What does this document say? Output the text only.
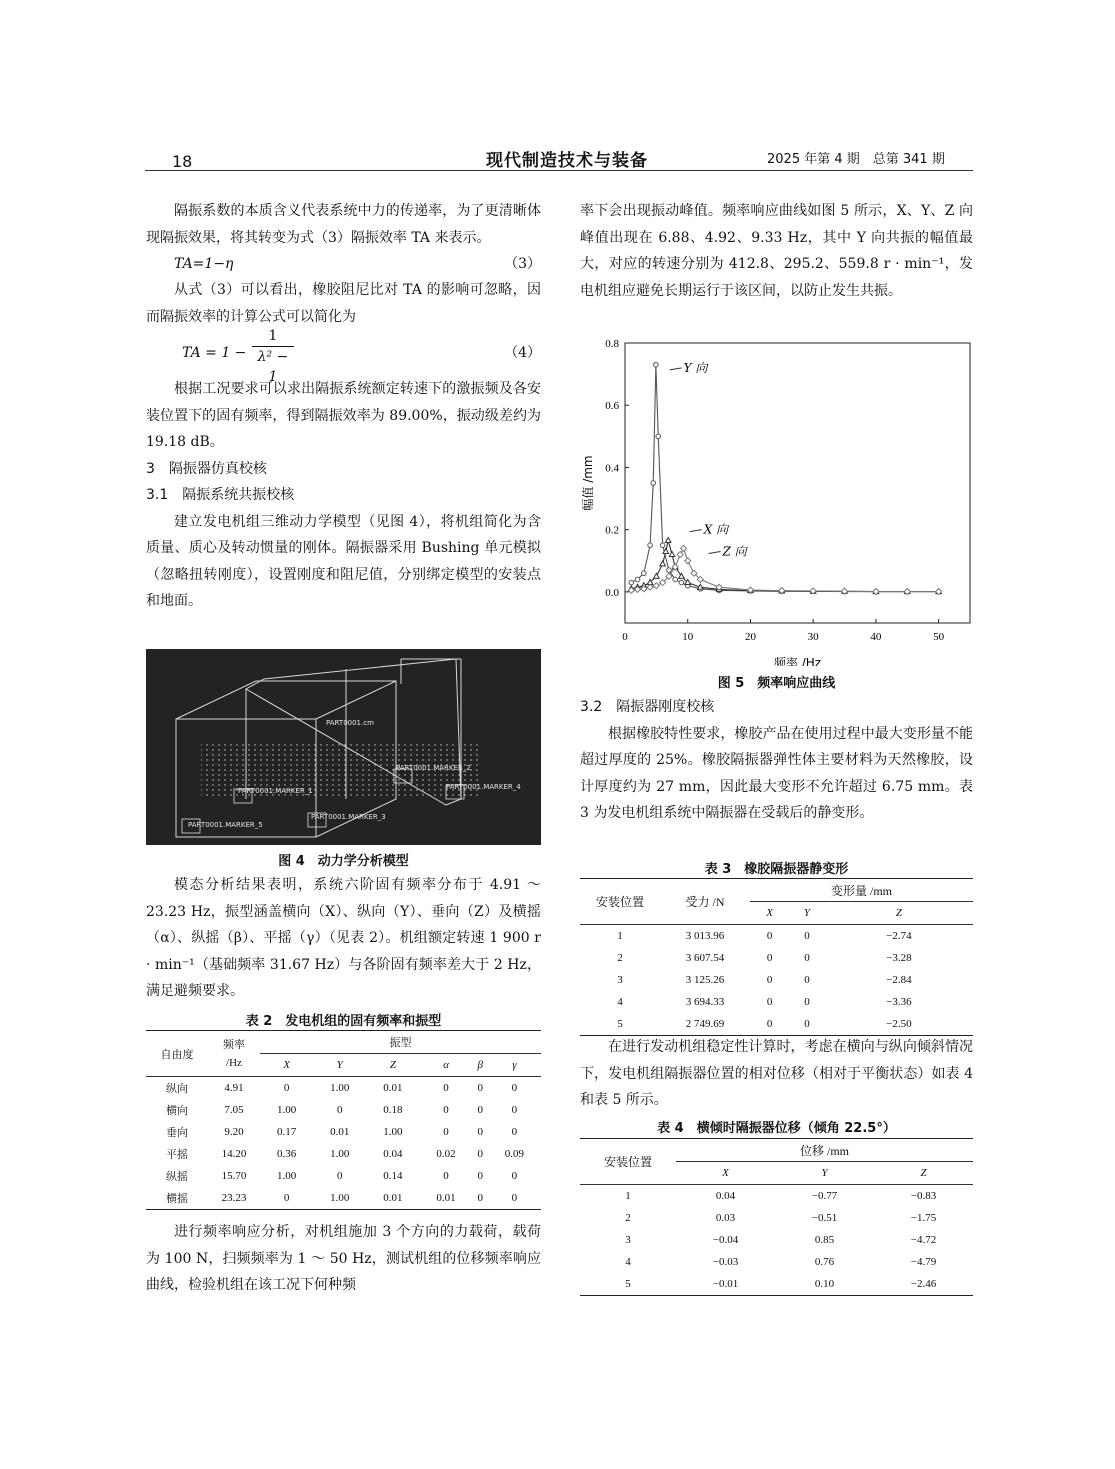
18	现代制造技术与装备	2025 年第 4 期　总第 341 期

隔振系数的本质含义代表系统中力的传递率，为了更清晰体现隔振效果，将其转变为式（3）隔振效率 TA 来表示。

TA=1−η	（3）

从式（3）可以看出，橡胶阻尼比对 TA 的影响可忽略，因而隔振效率的计算公式可以简化为

TA = $1 - \frac{1}{\text{λ² − 1}}$	（4）

根据工况要求可以求出隔振系统额定转速下的激振频及各安装位置下的固有频率，得到隔振效率为 89.00%，振动级差约为 19.18 dB。

3　隔振器仿真校核

3.1　隔振系统共振校核

建立发电机组三维动力学模型（见图 4），将机组简化为含质量、质心及转动惯量的刚体。隔振器采用 Bushing 单元模拟（忽略扭转刚度），设置刚度和阻尼值，分别绑定模型的安装点和地面。

PART0001.cm
PART0001.MARKER_2
PART0001.MARKER_1	PART0001.MARKER_4
PART0001.MARKER_5
PART0001.MARKER_3
图 4　动力学分析模型

模态分析结果表明，系统六阶固有频率分布于 4.91 ～ 23.23 Hz，振型涵盖横向（X）、纵向（Y）、垂向（Z）及横摇（α）、纵摇（β）、平摇（γ）（见表 2）。机组额定转速 1 900 r · min⁻¹（基础频率 31.67 Hz）与各阶固有频率差大于 2 Hz，满足避频要求。

表 2　发电机组的固有频率和振型
自由度	频率
/Hz	振型					
		X	Y	Z	α	β	γ
纵向	4.91	0	1.00	0.01	0	0	0
横向	7.05	1.00	0	0.18	0	0	0
垂向	9.20	0.17	0.01	1.00	0	0	0
平摇	14.20	0.36	1.00	0.04	0.02	0	0.09
纵摇	15.70	1.00	0	0.14	0	0	0
横摇	23.23	0	1.00	0.01	0.01	0	0

进行频率响应分析，对机组施加 3 个方向的力载荷，载荷为 100 N，扫频频率为 1 ～ 50 Hz，测试机组的位移频率响应曲线，检验机组在该工况下何种频

率下会出现振动峰值。频率响应曲线如图 5 所示，X、Y、Z 向峰值出现在 6.88、4.92、9.33 Hz，其中 Y 向共振的幅值最大，对应的转速分别为 412.8、295.2、559.8 r · min⁻¹，发电机组应避免长期运行于该区间，以防止发生共振。

0	10	20	30	40	50
0.0
0.2
0.4
0.6
0.8
频率 /Hz
幅值 /mm
Y 向
X 向
Z 向
图 5　频率响应曲线

3.2　隔振器刚度校核

根据橡胶特性要求，橡胶产品在使用过程中最大变形量不能超过厚度的 25%。橡胶隔振器弹性体主要材料为天然橡胶，设计厚度约为 27 mm，因此最大变形不允许超过 6.75 mm。表 3 为发电机组系统中隔振器在受载后的静变形。

表 3　橡胶隔振器静变形
安装位置	受力 /N	变形量 /mm		
		X	Y	Z
1	3 013.96	0	0	−2.74
2	3 607.54	0	0	−3.28
3	3 125.26	0	0	−2.84
4	3 694.33	0	0	−3.36
5	2 749.69	0	0	−2.50

在进行发动机组稳定性计算时，考虑在横向与纵向倾斜情况下，发电机组隔振器位置的相对位移（相对于平衡状态）如表 4 和表 5 所示。

表 4　横倾时隔振器位移（倾角 22.5°）
安装位置	位移 /mm		
	X	Y	Z
1	0.04	−0.77	−0.83
2	0.03	−0.51	−1.75
3	−0.04	0.85	−4.72
4	−0.03	0.76	−4.79
5	−0.01	0.10	−2.46
